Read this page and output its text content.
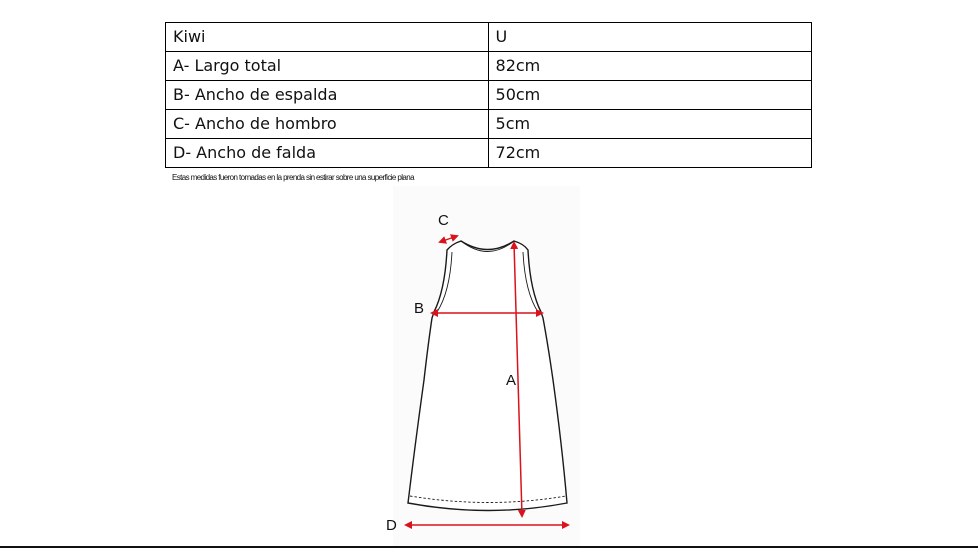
Kiwi	U
A- Largo total	82cm
B- Ancho de espalda	50cm
C- Ancho de hombro	5cm
D- Ancho de falda	72cm
Estas medidas fueron tomadas en la prenda sin estirar sobre una superficie plana
C
B
A
D
